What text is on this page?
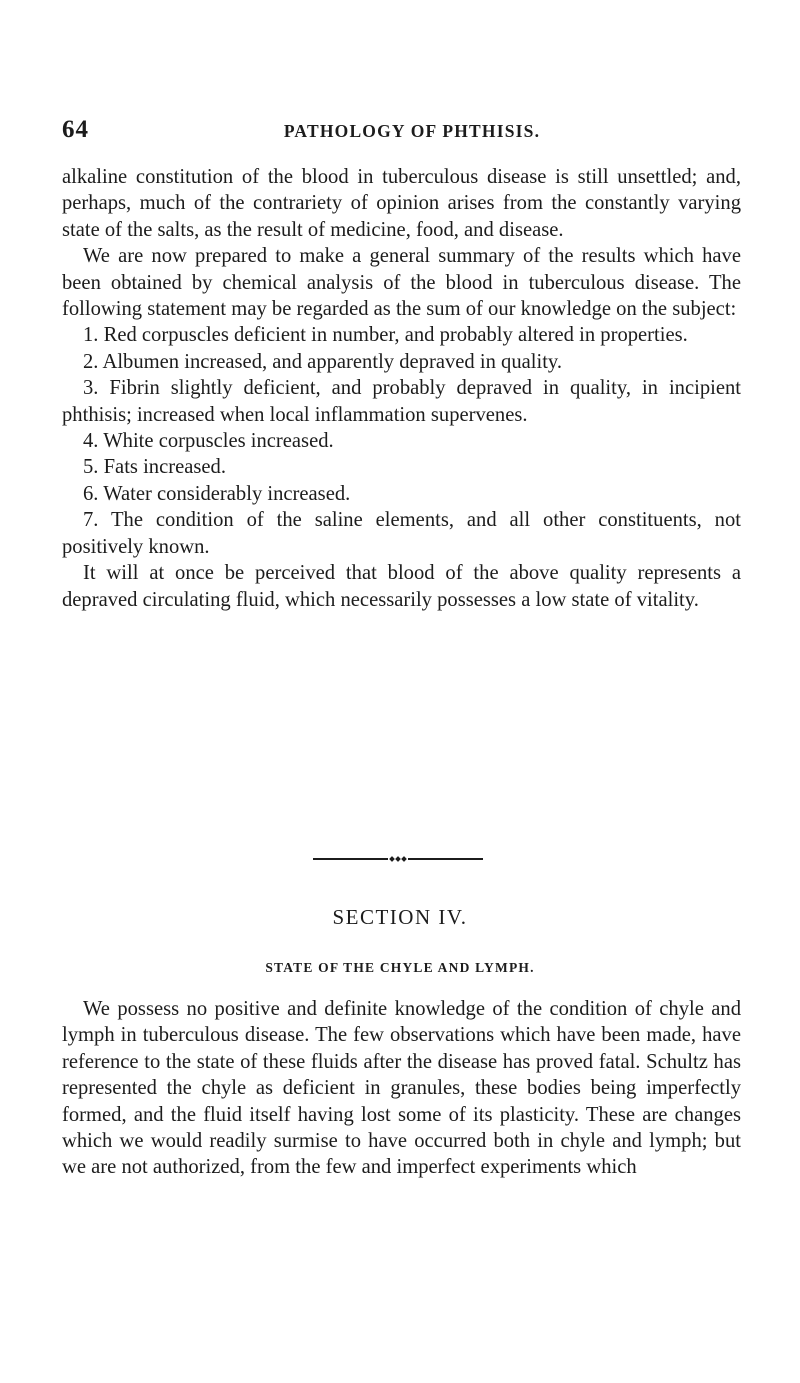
64	PATHOLOGY OF PHTHISIS.

alkaline constitution of the blood in tuberculous disease is still unsettled; and, perhaps, much of the contrariety of opinion arises from the constantly varying state of the salts, as the result of medicine, food, and disease.

We are now prepared to make a general summary of the results which have been obtained by chemical analysis of the blood in tuberculous disease. The following statement may be regarded as the sum of our knowledge on the subject:

1. Red corpuscles deficient in number, and probably altered in properties.

2. Albumen increased, and apparently depraved in quality.

3. Fibrin slightly deficient, and probably depraved in quality, in incipient phthisis; increased when local inflammation supervenes.

4. White corpuscles increased.

5. Fats increased.

6. Water considerably increased.

7. The condition of the saline elements, and all other constituents, not positively known.

It will at once be perceived that blood of the above quality represents a depraved circulating fluid, which necessarily possesses a low state of vitality.

SECTION IV.
STATE OF THE CHYLE AND LYMPH.

We possess no positive and definite knowledge of the condition of chyle and lymph in tuberculous disease. The few observations which have been made, have reference to the state of these fluids after the disease has proved fatal. Schultz has represented the chyle as deficient in granules, these bodies being imperfectly formed, and the fluid itself having lost some of its plasticity. These are changes which we would readily surmise to have occurred both in chyle and lymph; but we are not authorized, from the few and imperfect experiments which
